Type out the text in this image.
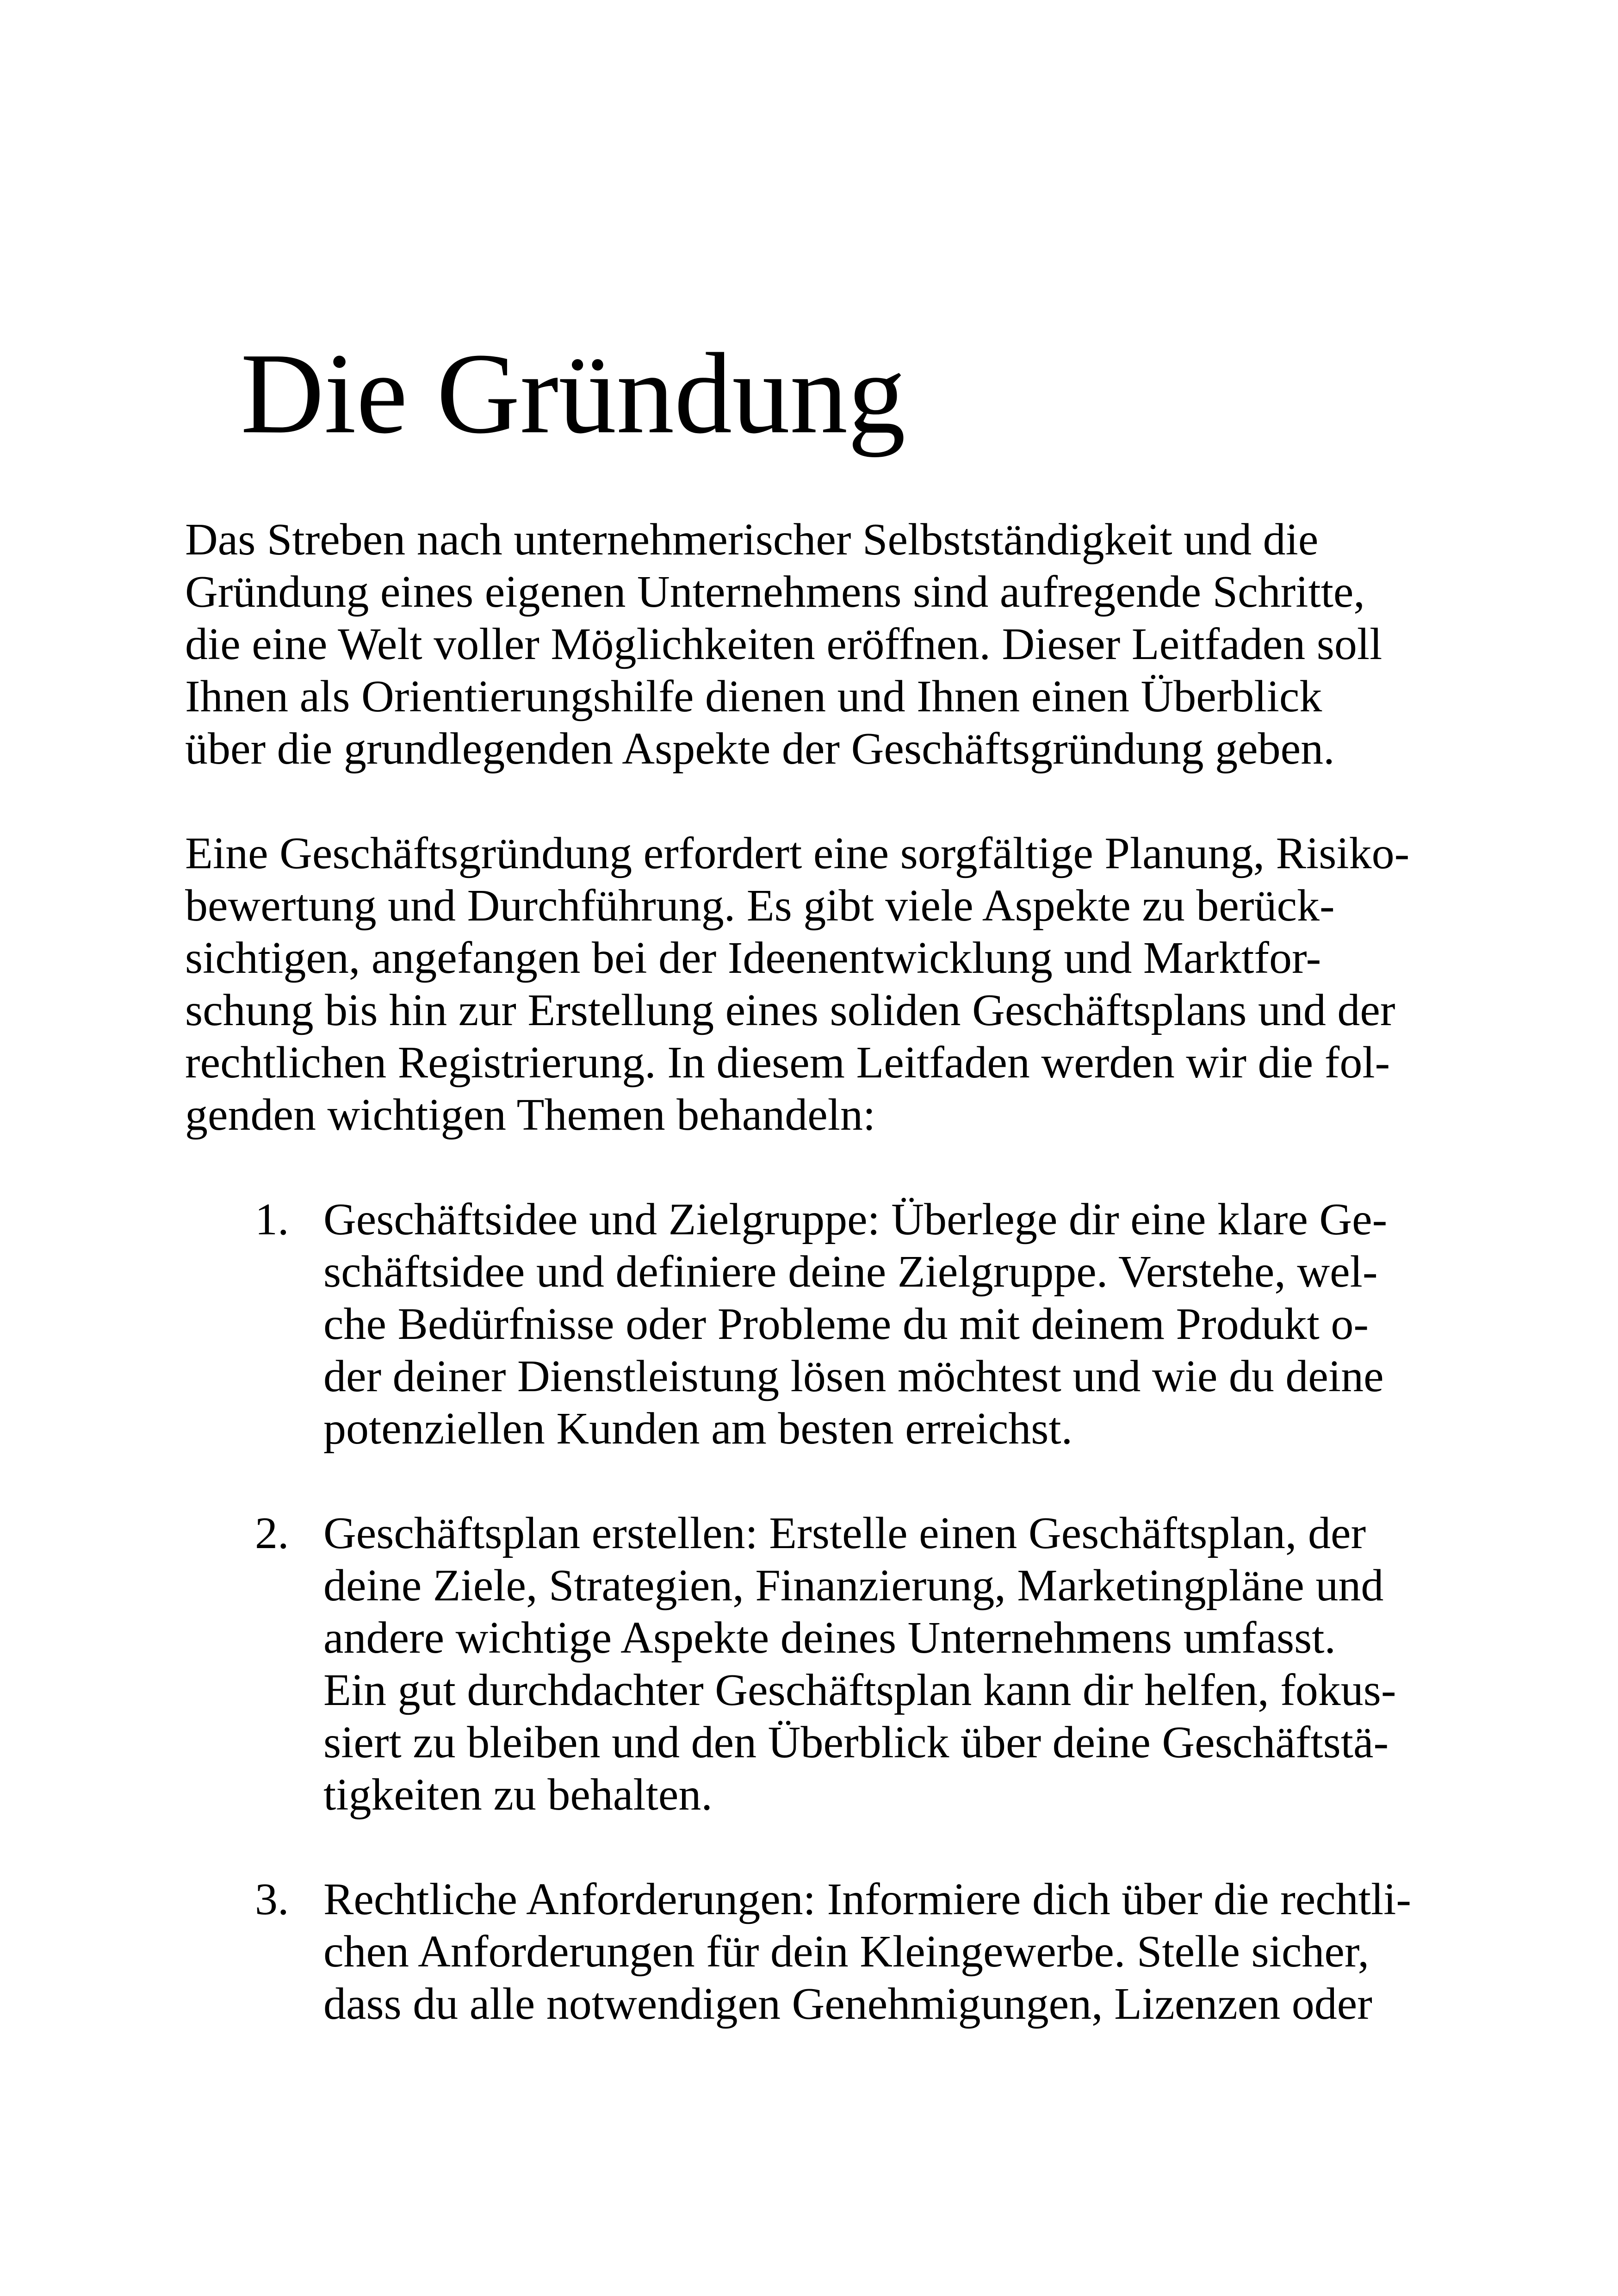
Die Gründung
Das Streben nach unternehmerischer Selbstständigkeit und die
Gründung eines eigenen Unternehmens sind aufregende Schritte,
die eine Welt voller Möglichkeiten eröffnen. Dieser Leitfaden soll
Ihnen als Orientierungshilfe dienen und Ihnen einen Überblick
über die grundlegenden Aspekte der Geschäftsgründung geben.
Eine Geschäftsgründung erfordert eine sorgfältige Planung, Risiko-
bewertung und Durchführung. Es gibt viele Aspekte zu berück-
sichtigen, angefangen bei der Ideenentwicklung und Marktfor-
schung bis hin zur Erstellung eines soliden Geschäftsplans und der
rechtlichen Registrierung. In diesem Leitfaden werden wir die fol-
genden wichtigen Themen behandeln:
1. Geschäftsidee und Zielgruppe: Überlege dir eine klare Ge-
schäftsidee und definiere deine Zielgruppe. Verstehe, wel-
che Bedürfnisse oder Probleme du mit deinem Produkt o-
der deiner Dienstleistung lösen möchtest und wie du deine
potenziellen Kunden am besten erreichst.
2. Geschäftsplan erstellen: Erstelle einen Geschäftsplan, der
deine Ziele, Strategien, Finanzierung, Marketingpläne und
andere wichtige Aspekte deines Unternehmens umfasst.
Ein gut durchdachter Geschäftsplan kann dir helfen, fokus-
siert zu bleiben und den Überblick über deine Geschäftstä-
tigkeiten zu behalten.
3. Rechtliche Anforderungen: Informiere dich über die rechtli-
chen Anforderungen für dein Kleingewerbe. Stelle sicher,
dass du alle notwendigen Genehmigungen, Lizenzen oder
